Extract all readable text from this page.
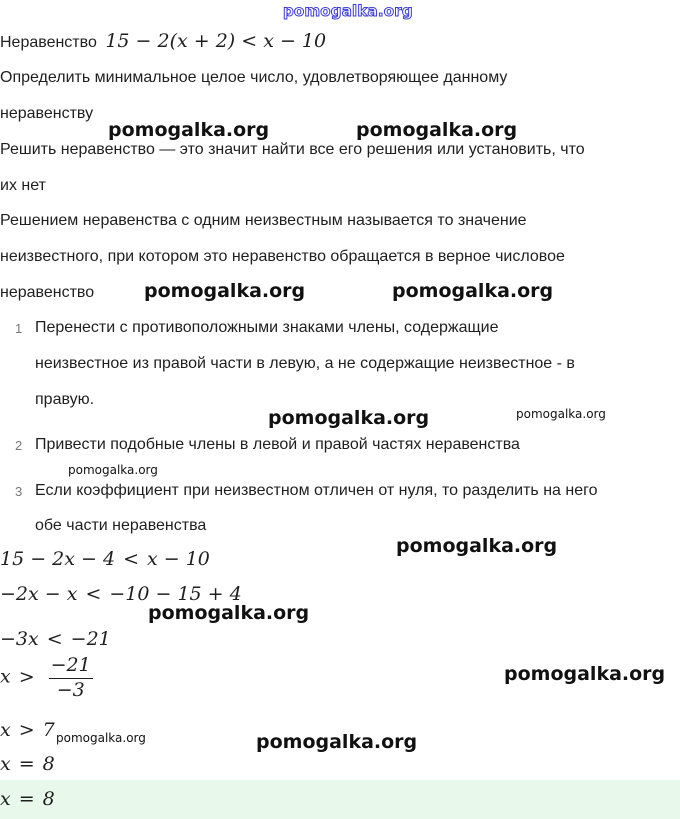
pomogalka.org
Неравенство 15 − 2(x + 2) < x − 10
Определить минимальное целое число, удовлетворяющее данному
неравенству
Решить неравенство — это значит найти все его решения или установить, что
их нет
Решением неравенства с одним неизвестным называется то значение
неизвестного, при котором это неравенство обращается в верное числовое
неравенство
1 Перенести с противоположными знаками члены, содержащие
неизвестное из правой части в левую, а не содержащие неизвестное - в
правую.
2 Привести подобные члены в левой и правой частях неравенства
3 Если коэффициент при неизвестном отличен от нуля, то разделить на него
обе части неравенства
15 − 2x − 4 < x − 10
−2x − x < −10 − 15 + 4
−3x < −21
$x > \frac{-21}{-3}$
x > 7
x = 8
x = 8
pomogalka.org	pomogalka.org
pomogalka.org	pomogalka.org
pomogalka.org	pomogalka.org
pomogalka.org
pomogalka.org
pomogalka.org
pomogalka.org
pomogalka.org	pomogalka.org
